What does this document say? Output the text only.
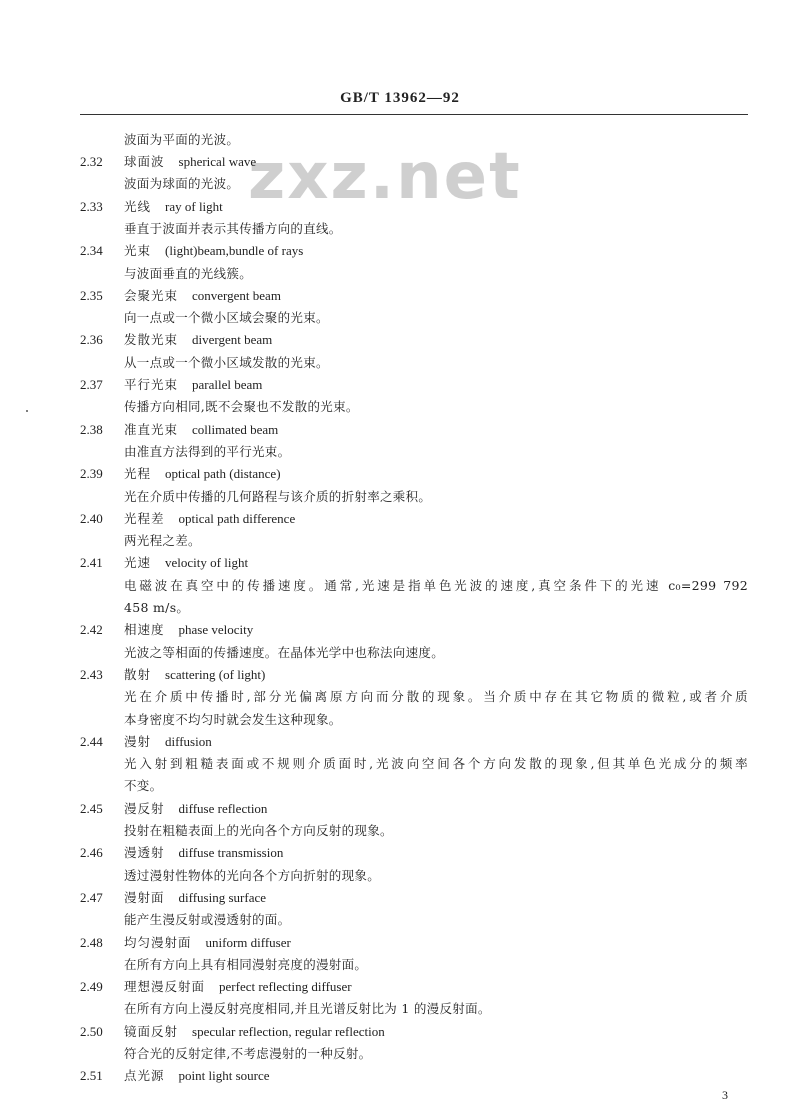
GB/T 13962—92
zxz.net
波面为平面的光波。
2.32	球面波 spherical wave
波面为球面的光波。
2.33	光线 ray of light
垂直于波面并表示其传播方向的直线。
2.34	光束 (light)beam,bundle of rays
与波面垂直的光线簇。
2.35	会聚光束 convergent beam
向一点或一个微小区域会聚的光束。
2.36	发散光束 divergent beam
从一点或一个微小区域发散的光束。
2.37	平行光束 parallel beam
传播方向相同,既不会聚也不发散的光束。
2.38	准直光束 collimated beam
由准直方法得到的平行光束。
2.39	光程 optical path (distance)
光在介质中传播的几何路程与该介质的折射率之乘积。
2.40	光程差 optical path difference
两光程之差。
2.41	光速 velocity of light
电磁波在真空中的传播速度。通常,光速是指单色光波的速度,真空条件下的光速 c₀=299 792
458 m/s。
2.42	相速度 phase velocity
光波之等相面的传播速度。在晶体光学中也称法向速度。
2.43	散射 scattering (of light)
光在介质中传播时,部分光偏离原方向而分散的现象。当介质中存在其它物质的微粒,或者介质
本身密度不均匀时就会发生这种现象。
2.44	漫射 diffusion
光入射到粗糙表面或不规则介质面时,光波向空间各个方向发散的现象,但其单色光成分的频率
不变。
2.45	漫反射 diffuse reflection
投射在粗糙表面上的光向各个方向反射的现象。
2.46	漫透射 diffuse transmission
透过漫射性物体的光向各个方向折射的现象。
2.47	漫射面 diffusing surface
能产生漫反射或漫透射的面。
2.48	均匀漫射面 uniform diffuser
在所有方向上具有相同漫射亮度的漫射面。
2.49	理想漫反射面 perfect reflecting diffuser
在所有方向上漫反射亮度相同,并且光谱反射比为 1 的漫反射面。
2.50	镜面反射 specular reflection, regular reflection
符合光的反射定律,不考虑漫射的一种反射。
2.51	点光源 point light source
3
